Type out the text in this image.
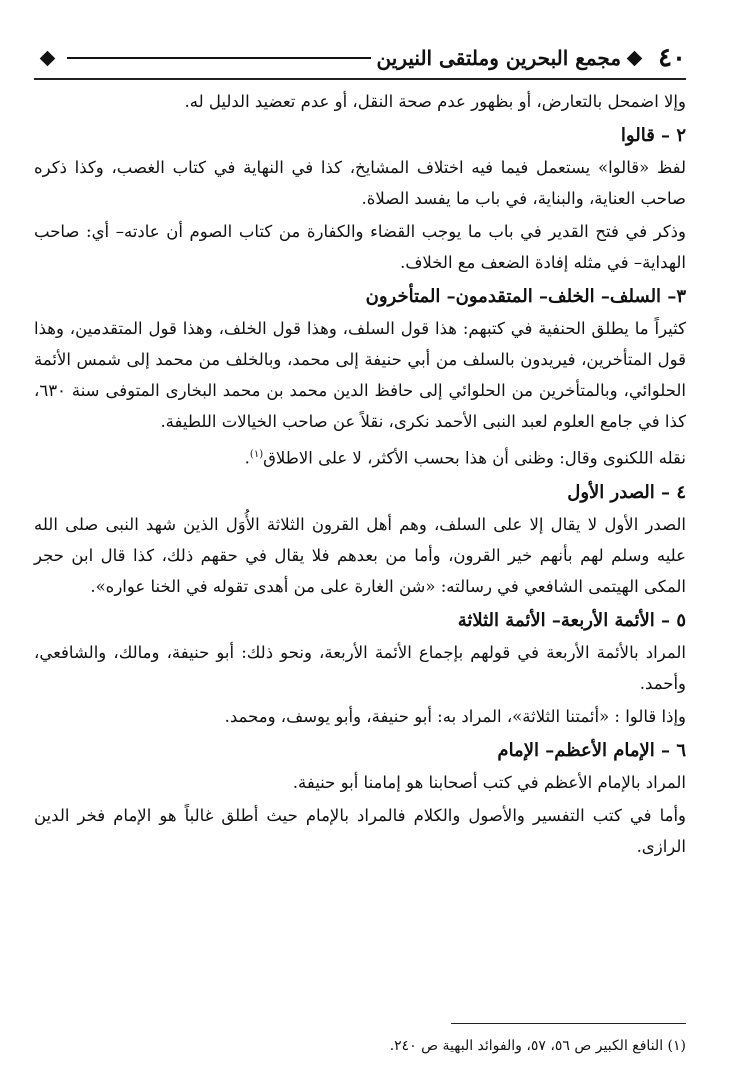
٤٠
مجمع البحرين وملتقى النيرين

وإلا اضمحل بالتعارض، أو بظهور عدم صحة النقل، أو عدم تعضيد الدليل له.

٢ – قالوا

لفظ «قالوا» يستعمل فيما فيه اختلاف المشايخ، كذا في النهاية في كتاب الغصب، وكذا ذكره صاحب العناية، والبناية، في باب ما يفسد الصلاة.

وذكر في فتح القدير في باب ما يوجب القضاء والكفارة من كتاب الصوم أن عادته– أي: صاحب الهداية– في مثله إفادة الضعف مع الخلاف.

٣– السلف– الخلف– المتقدمون– المتأخرون

كثيراً ما يطلق الحنفية في كتبهم: هذا قول السلف، وهذا قول الخلف، وهذا قول المتقدمين، وهذا قول المتأخرين، فيريدون بالسلف من أبي حنيفة إلى محمد، وبالخلف من محمد إلى شمس الأئمة الحلوائي، وبالمتأخرين من الحلوائي إلى حافظ الدين محمد بن محمد البخارى المتوفى سنة ٦٣٠، كذا في جامع العلوم لعبد النبى الأحمد نكرى، نقلاً عن صاحب الخيالات اللطيفة.

نقله اللكنوى وقال: وظنى أن هذا بحسب الأكثر، لا على الاطلاق$^{(١)}$.

٤ – الصدر الأول

الصدر الأول لا يقال إلا على السلف، وهم أهل القرون الثلاثة الأُوَل الذين شهد النبى صلى الله عليه وسلم لهم بأنهم خير القرون، وأما من بعدهم فلا يقال في حقهم ذلك، كذا قال ابن حجر المكى الهيتمى الشافعي في رسالته: «شن الغارة على من أهدى تقوله في الخنا عواره».

٥ – الأئمة الأربعة– الأئمة الثلاثة

المراد بالأئمة الأربعة في قولهم بإجماع الأئمة الأربعة، ونحو ذلك: أبو حنيفة، ومالك، والشافعي، وأحمد.

وإذا قالوا : «أئمتنا الثلاثة»، المراد به: أبو حنيفة، وأبو يوسف، ومحمد.

٦ – الإمام الأعظم– الإمام

المراد بالإمام الأعظم في كتب أصحابنا هو إمامنا أبو حنيفة.

وأما في كتب التفسير والأصول والكلام فالمراد بالإمام حيث أطلق غالباً هو الإمام فخر الدين الرازى.

(١) النافع الكبير ص ٥٦، ٥٧، والفوائد البهية ص ٢٤٠.
